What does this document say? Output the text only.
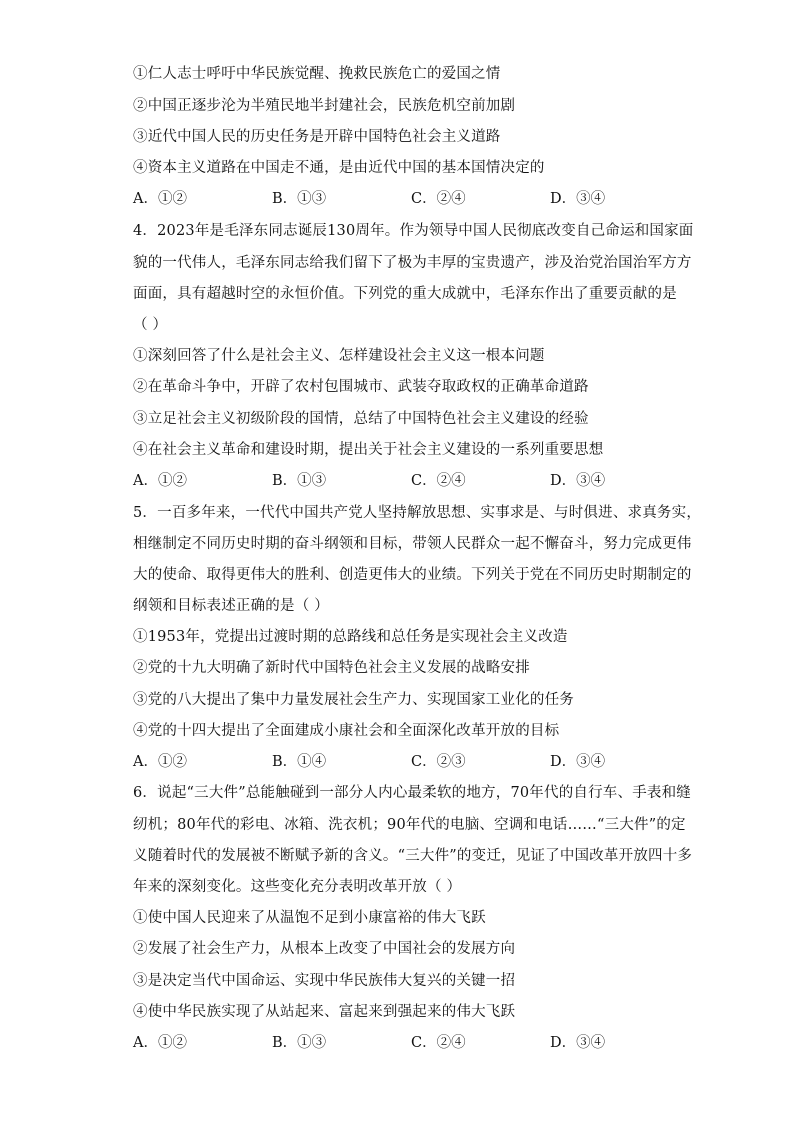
①仁人志士呼吁中华民族觉醒、挽救民族危亡的爱国之情
②中国正逐步沦为半殖民地半封建社会，民族危机空前加剧
③近代中国人民的历史任务是开辟中国特色社会主义道路
④资本主义道路在中国走不通，是由近代中国的基本国情决定的
A．①②	B．①③	C．②④	D．③④
4．2023年是毛泽东同志诞辰130周年。作为领导中国人民彻底改变自己命运和国家面
貌的一代伟人，毛泽东同志给我们留下了极为丰厚的宝贵遗产，涉及治党治国治军方方
面面，具有超越时空的永恒价值。下列党的重大成就中，毛泽东作出了重要贡献的是
（ ）
①深刻回答了什么是社会主义、怎样建设社会主义这一根本问题
②在革命斗争中，开辟了农村包围城市、武装夺取政权的正确革命道路
③立足社会主义初级阶段的国情，总结了中国特色社会主义建设的经验
④在社会主义革命和建设时期，提出关于社会主义建设的一系列重要思想
A．①②	B．①③	C．②④	D．③④
5．一百多年来，一代代中国共产党人坚持解放思想、实事求是、与时俱进、求真务实，
相继制定不同历史时期的奋斗纲领和目标，带领人民群众一起不懈奋斗，努力完成更伟
大的使命、取得更伟大的胜利、创造更伟大的业绩。下列关于党在不同历史时期制定的
纲领和目标表述正确的是（ ）
①1953年，党提出过渡时期的总路线和总任务是实现社会主义改造
②党的十九大明确了新时代中国特色社会主义发展的战略安排
③党的八大提出了集中力量发展社会生产力、实现国家工业化的任务
④党的十四大提出了全面建成小康社会和全面深化改革开放的目标
A．①②	B．①④	C．②③	D．③④
6．说起“三大件”总能触碰到一部分人内心最柔软的地方，70年代的自行车、手表和缝
纫机；80年代的彩电、冰箱、洗衣机；90年代的电脑、空调和电话……“三大件”的定
义随着时代的发展被不断赋予新的含义。“三大件”的变迁，见证了中国改革开放四十多
年来的深刻变化。这些变化充分表明改革开放（ ）
①使中国人民迎来了从温饱不足到小康富裕的伟大飞跃
②发展了社会生产力，从根本上改变了中国社会的发展方向
③是决定当代中国命运、实现中华民族伟大复兴的关键一招
④使中华民族实现了从站起来、富起来到强起来的伟大飞跃
A．①②	B．①③	C．②④	D．③④
